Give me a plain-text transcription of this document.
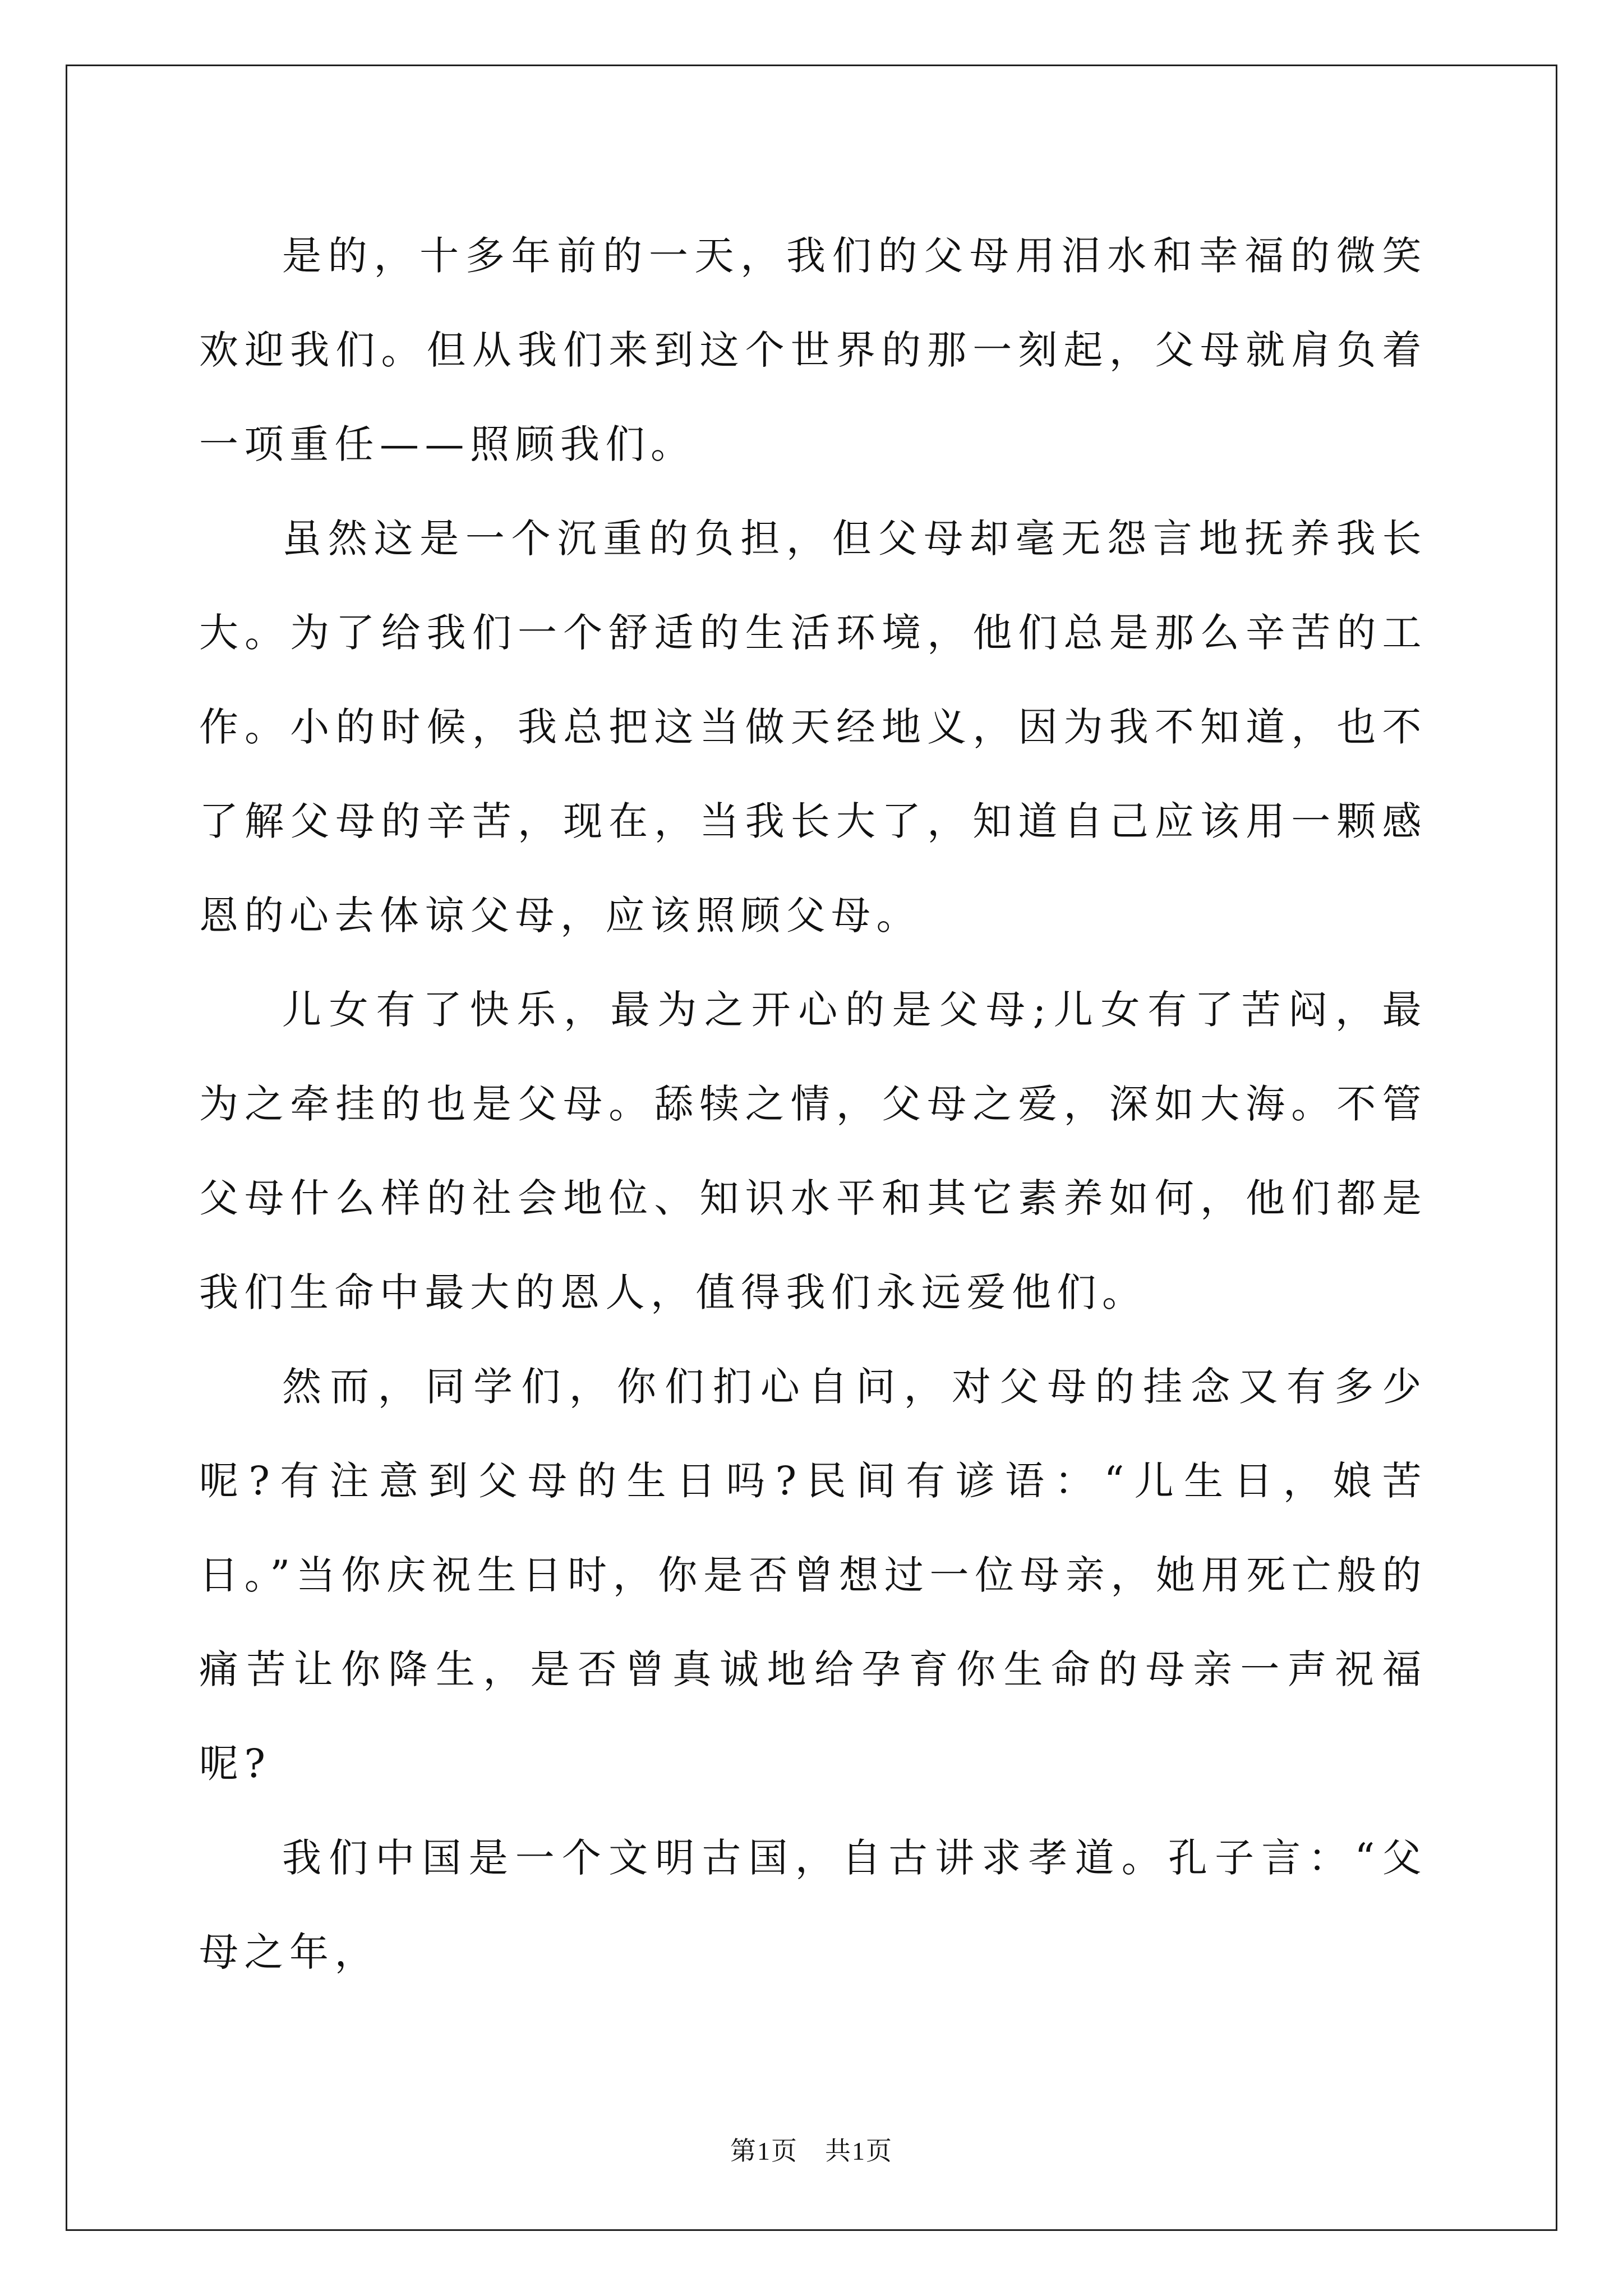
是的，十多年前的一天，我们的父母用泪水和幸福的微笑欢迎我们。但从我们来到这个世界的那一刻起，父母就肩负着一项重任——照顾我们。

虽然这是一个沉重的负担，但父母却毫无怨言地抚养我长大。为了给我们一个舒适的生活环境，他们总是那么辛苦的工作。小的时候，我总把这当做天经地义，因为我不知道，也不了解父母的辛苦，现在，当我长大了，知道自己应该用一颗感恩的心去体谅父母，应该照顾父母。

儿女有了快乐，最为之开心的是父母;儿女有了苦闷，最为之牵挂的也是父母。舔犊之情，父母之爱，深如大海。不管父母什么样的社会地位、知识水平和其它素养如何，他们都是我们生命中最大的恩人，值得我们永远爱他们。

然而，同学们，你们扪心自问，对父母的挂念又有多少呢?有注意到父母的生日吗?民间有谚语：“儿生日，娘苦日。”当你庆祝生日时，你是否曾想过一位母亲，她用死亡般的痛苦让你降生，是否曾真诚地给孕育你生命的母亲一声祝福呢?

我们中国是一个文明古国，自古讲求孝道。孔子言：“父母之年，

第1页　共1页
